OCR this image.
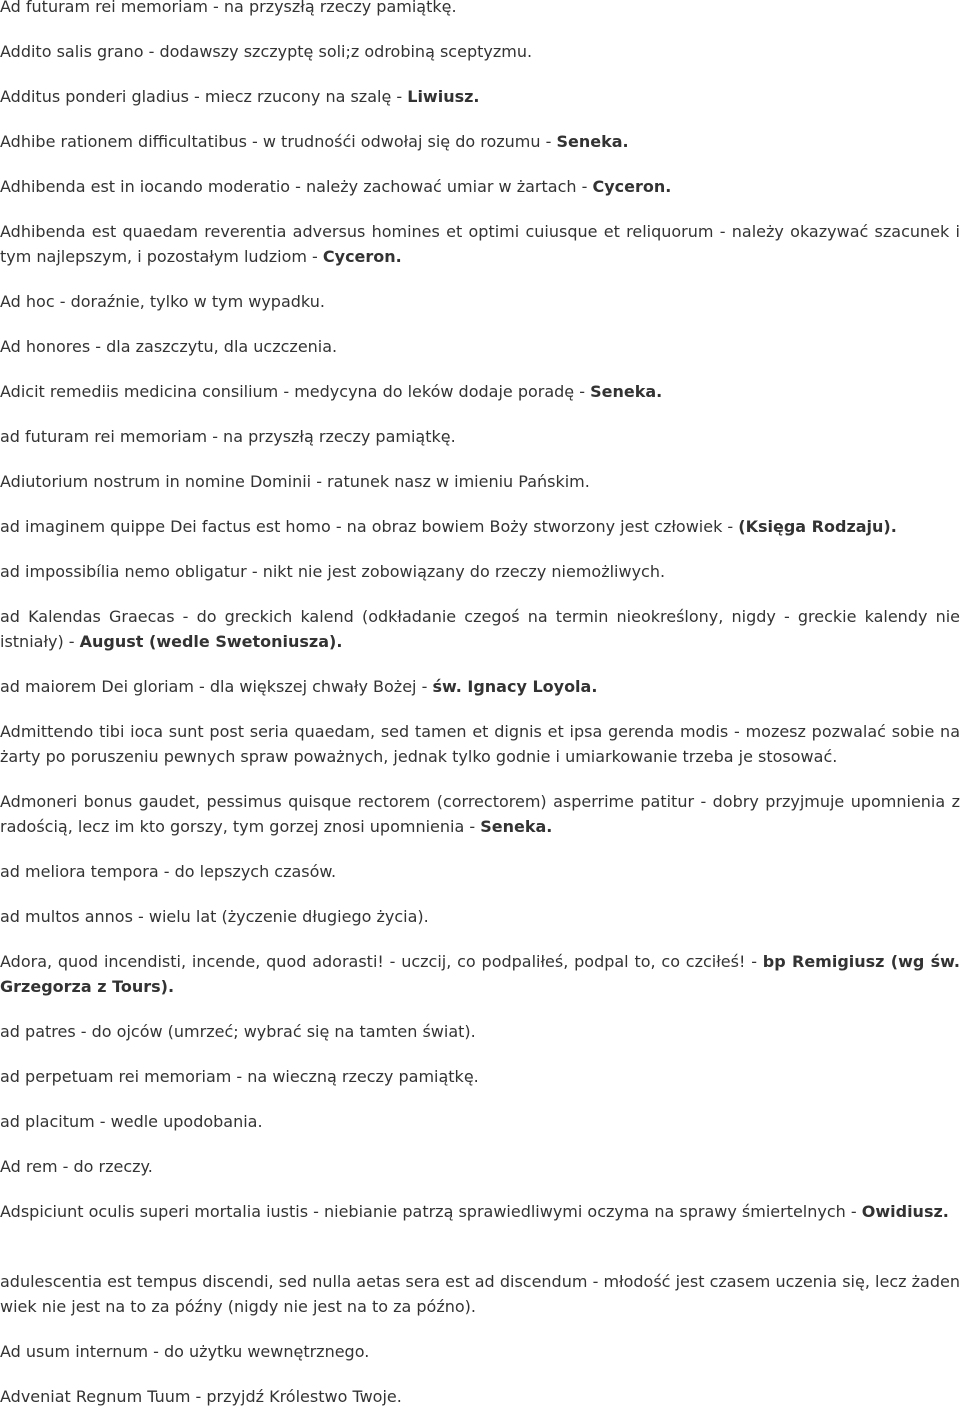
Ad futuram rei memoriam - na przyszłą rzeczy pamiątkę.

Addito salis grano - dodawszy szczyptę soli;z odrobiną sceptyzmu.

Additus ponderi gladius - miecz rzucony na szalę - Liwiusz.

Adhibe rationem difficultatibus - w trudnośći odwołaj się do rozumu - Seneka.

Adhibenda est in iocando moderatio - należy zachować umiar w żartach - Cyceron.

Adhibenda est quaedam reverentia adversus homines et optimi cuiusque et reliquorum - należy okazywać szacunek i tym najlepszym, i pozostałym ludziom - Cyceron.

Ad hoc - doraźnie, tylko w tym wypadku.

Ad honores - dla zaszczytu, dla uczczenia.

Adicit remediis medicina consilium - medycyna do leków dodaje poradę - Seneka.

ad futuram rei memoriam - na przyszłą rzeczy pamiątkę.

Adiutorium nostrum in nomine Dominii - ratunek nasz w imieniu Pańskim.

ad imaginem quippe Dei factus est homo - na obraz bowiem Boży stworzony jest człowiek - (Księga Rodzaju).

ad impossibília nemo obligatur - nikt nie jest zobowiązany do rzeczy niemożliwych.

ad Kalendas Graecas - do greckich kalend (odkładanie czegoś na termin nieokreślony, nigdy - greckie kalendy nie istniały) - August (wedle Swetoniusza).

ad maiorem Dei gloriam - dla większej chwały Bożej - św. Ignacy Loyola.

Admittendo tibi ioca sunt post seria quaedam, sed tamen et dignis et ipsa gerenda modis - mozesz pozwalać sobie na żarty po poruszeniu pewnych spraw poważnych, jednak tylko godnie i umiarkowanie trzeba je stosować.

Admoneri bonus gaudet, pessimus quisque rectorem (correctorem) asperrime patitur - dobry przyjmuje upomnienia z radością, lecz im kto gorszy, tym gorzej znosi upomnienia - Seneka.

ad meliora tempora - do lepszych czasów.

ad multos annos - wielu lat (życzenie długiego życia).

Adora, quod incendisti, incende, quod adorasti! - uczcij, co podpaliłeś, podpal to, co czciłeś! - bp Remigiusz (wg św. Grzegorza z Tours).

ad patres - do ojców (umrzeć; wybrać się na tamten świat).

ad perpetuam rei memoriam - na wieczną rzeczy pamiątkę.

ad placitum - wedle upodobania.

Ad rem - do rzeczy.

Adspiciunt oculis superi mortalia iustis - niebianie patrzą sprawiedliwymi oczyma na sprawy śmiertelnych - Owidiusz.

adulescentia est tempus discendi, sed nulla aetas sera est ad discendum - młodość jest czasem uczenia się, lecz żaden wiek nie jest na to za późny (nigdy nie jest na to za późno).

Ad usum internum - do użytku wewnętrznego.

Adveniat Regnum Tuum - przyjdź Królestwo Twoje.
